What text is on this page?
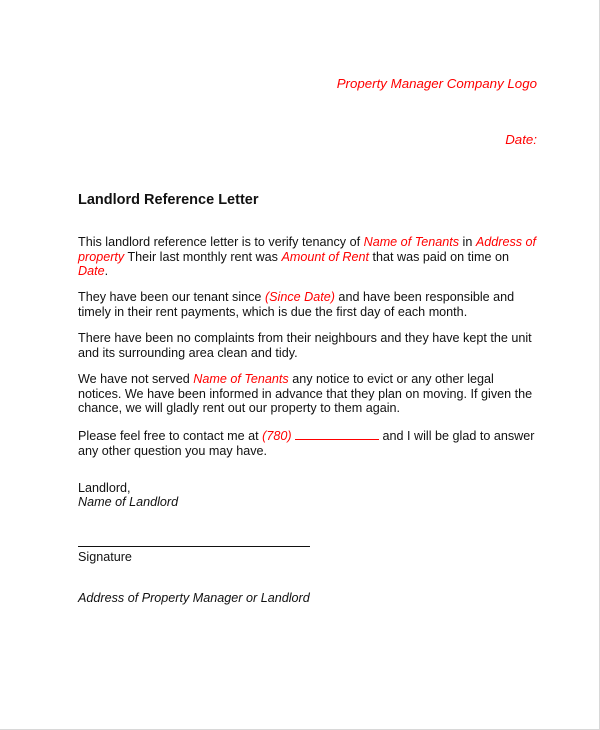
Property Manager Company Logo
Date:
Landlord Reference Letter
This landlord reference letter is to verify tenancy of Name of Tenants in Address of property Their last monthly rent was Amount of Rent that was paid on time on Date.
They have been our tenant since (Since Date) and have been responsible and timely in their rent payments, which is due the first day of each month.
There have been no complaints from their neighbours and they have kept the unit and its surrounding area clean and tidy.
We have not served Name of Tenants any notice to evict or any other legal notices. We have been informed in advance that they plan on moving. If given the chance, we will gladly rent out our property to them again.
Please feel free to contact me at (780)	and I will be glad to answer any other question you may have.
Landlord,
Name of Landlord
Signature
Address of Property Manager or Landlord
